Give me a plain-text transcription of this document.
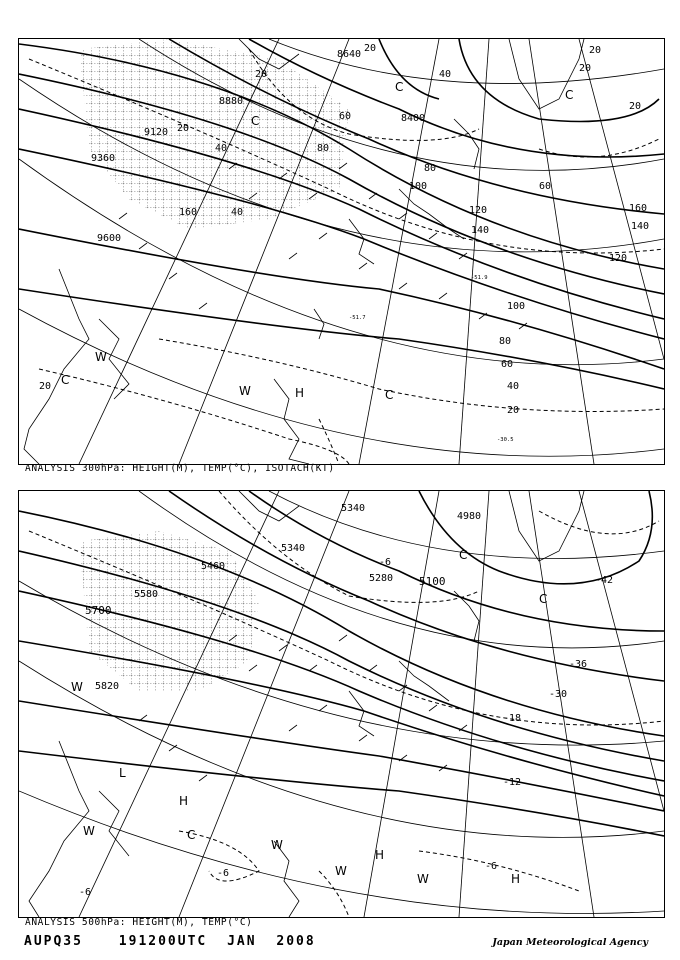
8640
8880
9120
9360
8400
9600
20
20
20
20
20
20
40
40
60
80
80
100
120
140
160	40
60
80
100
60
40
20
20
160
140
120
-30.5
-51.7
-51.9
C
C
C
W
H
W	C
C
ANALYSIS 300hPa: HEIGHT(M), TEMP(°C), ISOTACH(KT)
5340
5460
5580
5700
5820
5280 5100
4980
5340
-6
-42
-36
-30
-18
-12
-6
-6
-6
C
W
L
H
W	C
W
H
W
W	H
C
ANALYSIS 500hPa: HEIGHT(M), TEMP(°C)
AUPQ35	191200UTC JAN 2008	Japan Meteorological Agency
